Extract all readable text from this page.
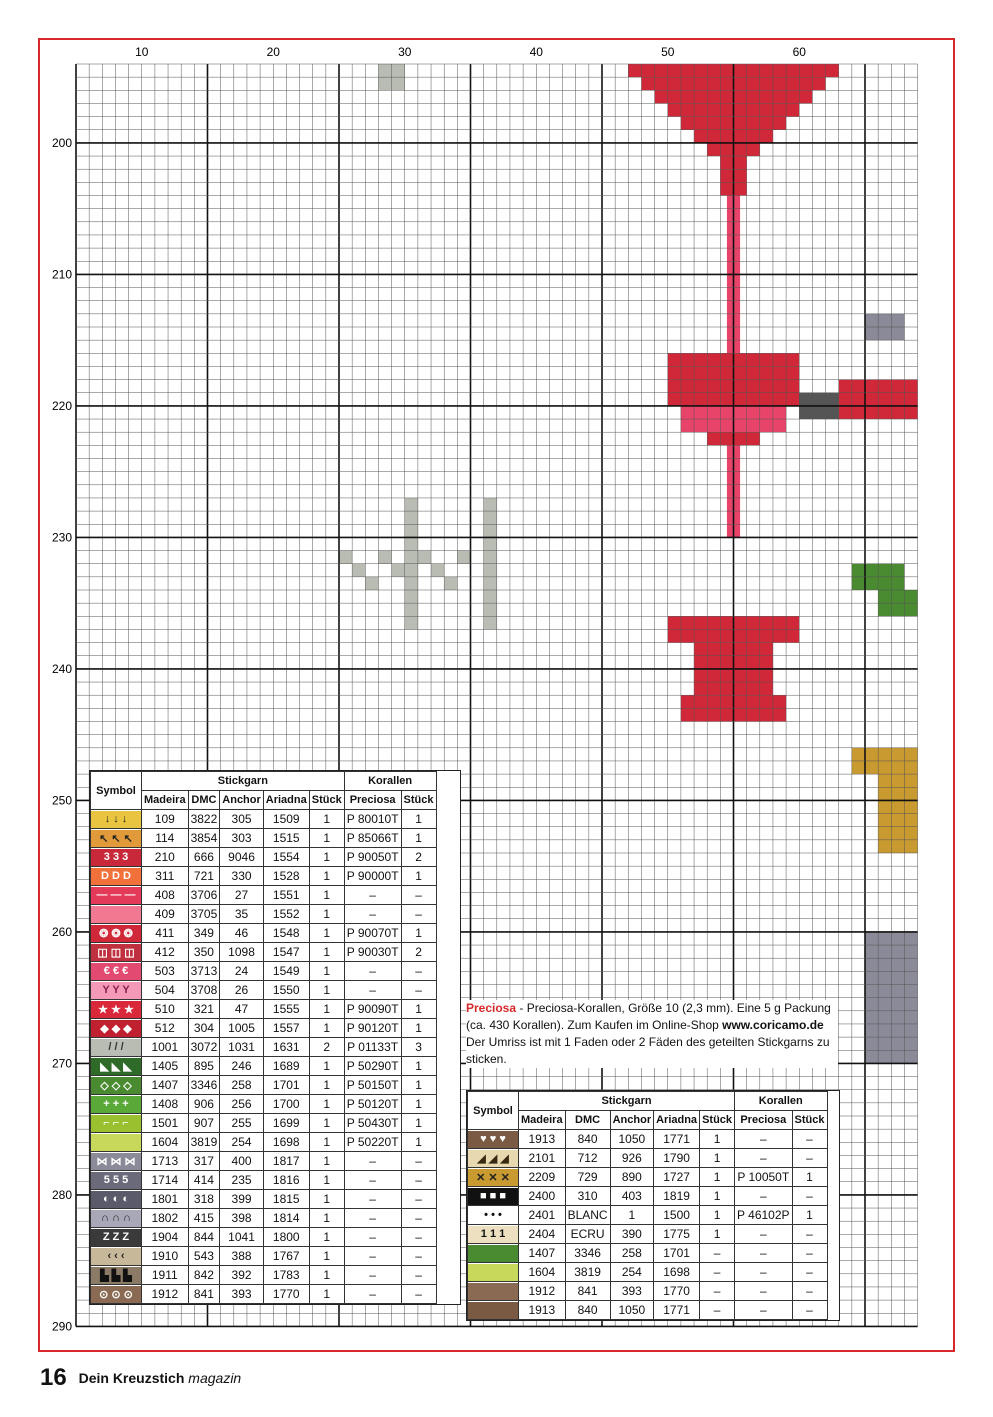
10	20	30	40	50	60
200
210
220
230
240
250
260
270
280
290
Symbol	Stickgarn					Korallen	
	Madeira	DMC	Anchor	Ariadna	Stück	Preciosa	Stück

↓ ↓ ↓	109	3822	305	1509	1	P 80010T	1

↖ ↖ ↖	114	3854	303	1515	1	P 85066T	1

3 3 3	210	666	9046	1554	1	P 90050T	2

D D D	311	721	330	1528	1	P 90000T	1

— — —	408	3706	27	1551	1	–	–

	409	3705	35	1552	1	–	–

❂ ❂ ❂	411	349	46	1548	1	P 90070T	1

◫ ◫ ◫	412	350	1098	1547	1	P 90030T	2

€ € €	503	3713	24	1549	1	–	–

Y Y Y	504	3708	26	1550	1	–	–

★ ★ ★	510	321	47	1555	1	P 90090T	1

◆ ◆ ◆	512	304	1005	1557	1	P 90120T	1

/ / /	1001	3072	1031	1631	2	P 01133T	3

◣ ◣ ◣	1405	895	246	1689	1	P 50290T	1

◇ ◇ ◇	1407	3346	258	1701	1	P 50150T	1

+ + +	1408	906	256	1700	1	P 50120T	1

⌐ ⌐ ⌐	1501	907	255	1699	1	P 50430T	1

	1604	3819	254	1698	1	P 50220T	1

⋈ ⋈ ⋈	1713	317	400	1817	1	–	–

5 5 5	1714	414	235	1816	1	–	–

◐ ◐ ◐	1801	318	399	1815	1	–	–

∩ ∩ ∩	1802	415	398	1814	1	–	–

Z Z Z	1904	844	1041	1800	1	–	–

‹ ‹ ‹	1910	543	388	1767	1	–	–

▙ ▙ ▙	1911	842	392	1783	1	–	–

⊙ ⊙ ⊙	1912	841	393	1770	1	–	–
Preciosa - Preciosa-Korallen, Größe 10 (2,3 mm). Eine 5 g Packung (ca. 430 Korallen). Zum Kaufen im Online-Shop www.coricamo.de
Der Umriss ist mit 1 Faden oder 2 Fäden des geteilten Stickgarns zu sticken.
Symbol	Stickgarn					Korallen	
	Madeira	DMC	Anchor	Ariadna	Stück	Preciosa	Stück

♥ ♥ ♥	1913	840	1050	1771	1	–	–

◢ ◢ ◢	2101	712	926	1790	1	–	–

✕ ✕ ✕	2209	729	890	1727	1	P 10050T	1

■ ■ ■	2400	310	403	1819	1	–	–

• • •	2401	BLANC	1	1500	1	P 46102P	1

1 1 1	2404	ECRU	390	1775	1	–	–

	1407	3346	258	1701	–	–	–

	1604	3819	254	1698	–	–	–

	1912	841	393	1770	–	–	–

	1913	840	1050	1771	–	–	–
16 Dein Kreuzstich magazin
